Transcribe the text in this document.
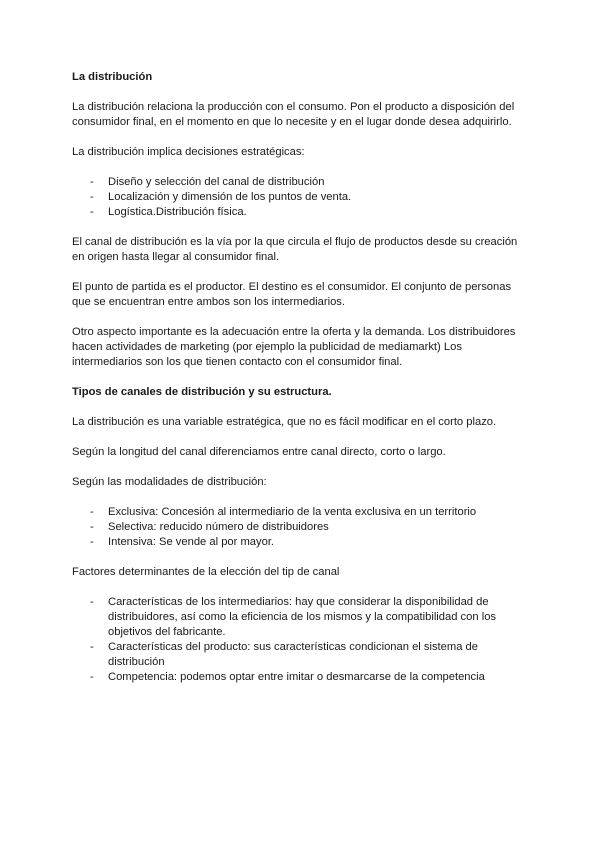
La distribución

La distribución relaciona la producción con el consumo. Pon el producto a disposición del consumidor final, en el momento en que lo necesite y en el lugar donde desea adquirirlo.

La distribución implica decisiones estratégicas:

- Diseño y selección del canal de distribución
- Localización y dimensión de los puntos de venta.
- Logística.Distribución física.

El canal de distribución es la vía por la que circula el flujo de productos desde su creación en origen hasta llegar al consumidor final.

El punto de partida es el productor. El destino es el consumidor. El conjunto de personas que se encuentran entre ambos son los intermediarios.

Otro aspecto importante es la adecuación entre la oferta y la demanda. Los distribuidores hacen actividades de marketing (por ejemplo la publicidad de mediamarkt) Los intermediarios son los que tienen contacto con el consumidor final.

Tipos de canales de distribución y su estructura.

La distribución es una variable estratégica, que no es fácil modificar en el corto plazo.

Según la longitud del canal diferenciamos entre canal directo, corto o largo.

Según las modalidades de distribución:

- Exclusiva: Concesión al intermediario de la venta exclusiva en un territorio
- Selectiva: reducido número de distribuidores
- Intensiva: Se vende al por mayor.

Factores determinantes de la elección del tip de canal

- Características de los intermediarios: hay que considerar la disponibilidad de distribuidores, así como la eficiencia de los mismos y la compatibilidad con los objetivos del fabricante.
- Características del producto: sus características condicionan el sistema de distribución
- Competencia: podemos optar entre imitar o desmarcarse de la competencia
